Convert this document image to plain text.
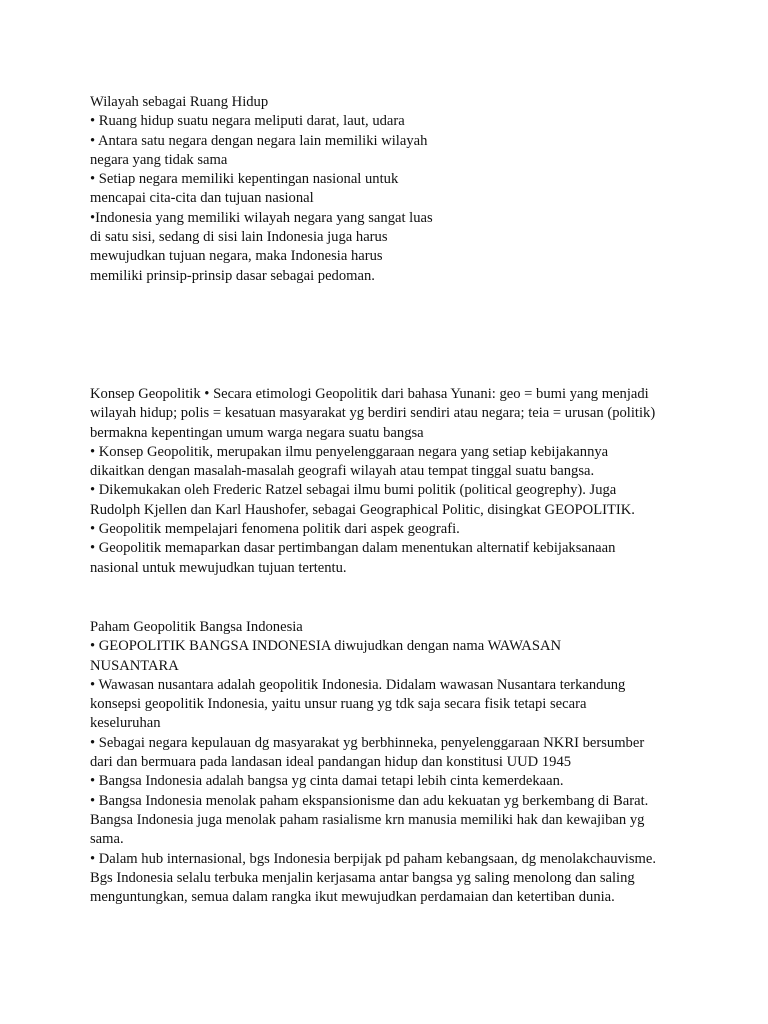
Wilayah sebagai Ruang Hidup

• Ruang hidup suatu negara meliputi darat, laut, udara

• Antara satu negara dengan negara lain memiliki wilayah

negara yang tidak sama

• Setiap negara memiliki kepentingan nasional untuk

mencapai cita-cita dan tujuan nasional

•Indonesia yang memiliki wilayah negara yang sangat luas

di satu sisi, sedang di sisi lain Indonesia juga harus

mewujudkan tujuan negara, maka Indonesia harus

memiliki prinsip-prinsip dasar sebagai pedoman.

Konsep Geopolitik • Secara etimologi Geopolitik dari bahasa Yunani: geo = bumi yang menjadi

wilayah hidup; polis = kesatuan masyarakat yg berdiri sendiri atau negara; teia = urusan (politik)

bermakna kepentingan umum warga negara suatu bangsa

• Konsep Geopolitik, merupakan ilmu penyelenggaraan negara yang setiap kebijakannya

dikaitkan dengan masalah-masalah geografi wilayah atau tempat tinggal suatu bangsa.

• Dikemukakan oleh Frederic Ratzel sebagai ilmu bumi politik (political geogrephy). Juga

Rudolph Kjellen dan Karl Haushofer, sebagai Geographical Politic, disingkat GEOPOLITIK.

• Geopolitik mempelajari fenomena politik dari aspek geografi.

• Geopolitik memaparkan dasar pertimbangan dalam menentukan alternatif kebijaksanaan

nasional untuk mewujudkan tujuan tertentu.

Paham Geopolitik Bangsa Indonesia

• GEOPOLITIK BANGSA INDONESIA diwujudkan dengan nama WAWASAN

NUSANTARA

• Wawasan nusantara adalah geopolitik Indonesia. Didalam wawasan Nusantara terkandung

konsepsi geopolitik Indonesia, yaitu unsur ruang yg tdk saja secara fisik tetapi secara

keseluruhan

• Sebagai negara kepulauan dg masyarakat yg berbhinneka, penyelenggaraan NKRI bersumber

dari dan bermuara pada landasan ideal pandangan hidup dan konstitusi UUD 1945

• Bangsa Indonesia adalah bangsa yg cinta damai tetapi lebih cinta kemerdekaan.

• Bangsa Indonesia menolak paham ekspansionisme dan adu kekuatan yg berkembang di Barat.

Bangsa Indonesia juga menolak paham rasialisme krn manusia memiliki hak dan kewajiban yg

sama.

• Dalam hub internasional, bgs Indonesia berpijak pd paham kebangsaan, dg menolakchauvisme.

Bgs Indonesia selalu terbuka menjalin kerjasama antar bangsa yg saling menolong dan saling

menguntungkan, semua dalam rangka ikut mewujudkan perdamaian dan ketertiban dunia.
